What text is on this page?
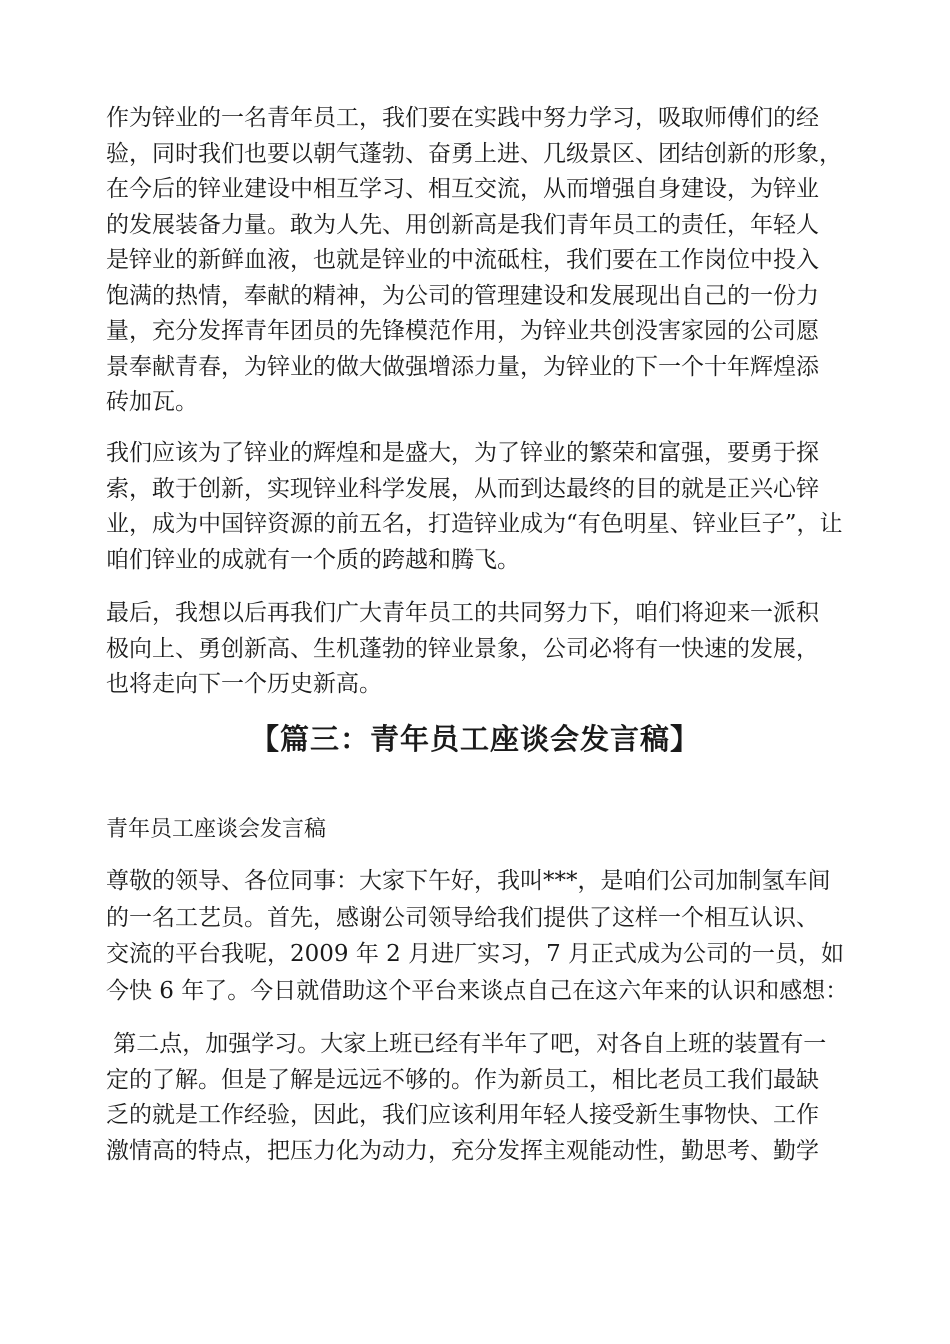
作为锌业的一名青年员工，我们要在实践中努力学习，吸取师傅们的经
验，同时我们也要以朝气蓬勃、奋勇上进、几级景区、团结创新的形象，
在今后的锌业建设中相互学习、相互交流，从而增强自身建设，为锌业
的发展装备力量。敢为人先、用创新高是我们青年员工的责任，年轻人
是锌业的新鲜血液，也就是锌业的中流砥柱，我们要在工作岗位中投入
饱满的热情，奉献的精神，为公司的管理建设和发展现出自己的一份力
量，充分发挥青年团员的先锋模范作用，为锌业共创没害家园的公司愿
景奉献青春，为锌业的做大做强增添力量，为锌业的下一个十年辉煌添
砖加瓦。
我们应该为了锌业的辉煌和是盛大，为了锌业的繁荣和富强，要勇于探
索，敢于创新，实现锌业科学发展，从而到达最终的目的就是正兴心锌
业，成为中国锌资源的前五名，打造锌业成为“有色明星、锌业巨子”，让
咱们锌业的成就有一个质的跨越和腾飞。
最后，我想以后再我们广大青年员工的共同努力下，咱们将迎来一派积
极向上、勇创新高、生机蓬勃的锌业景象，公司必将有一快速的发展，
也将走向下一个历史新高。
【篇三：青年员工座谈会发言稿】

青年员工座谈会发言稿

尊敬的领导、各位同事：大家下午好，我叫***，是咱们公司加制氢车间
的一名工艺员。首先，感谢公司领导给我们提供了这样一个相互认识、
交流的平台我呢，2009 年 2 月进厂实习，7 月正式成为公司的一员，如
今快 6 年了。今日就借助这个平台来谈点自己在这六年来的认识和感想：
第二点，加强学习。大家上班已经有半年了吧，对各自上班的装置有一
定的了解。但是了解是远远不够的。作为新员工，相比老员工我们最缺
乏的就是工作经验，因此，我们应该利用年轻人接受新生事物快、工作
激情高的特点，把压力化为动力，充分发挥主观能动性，勤思考、勤学
